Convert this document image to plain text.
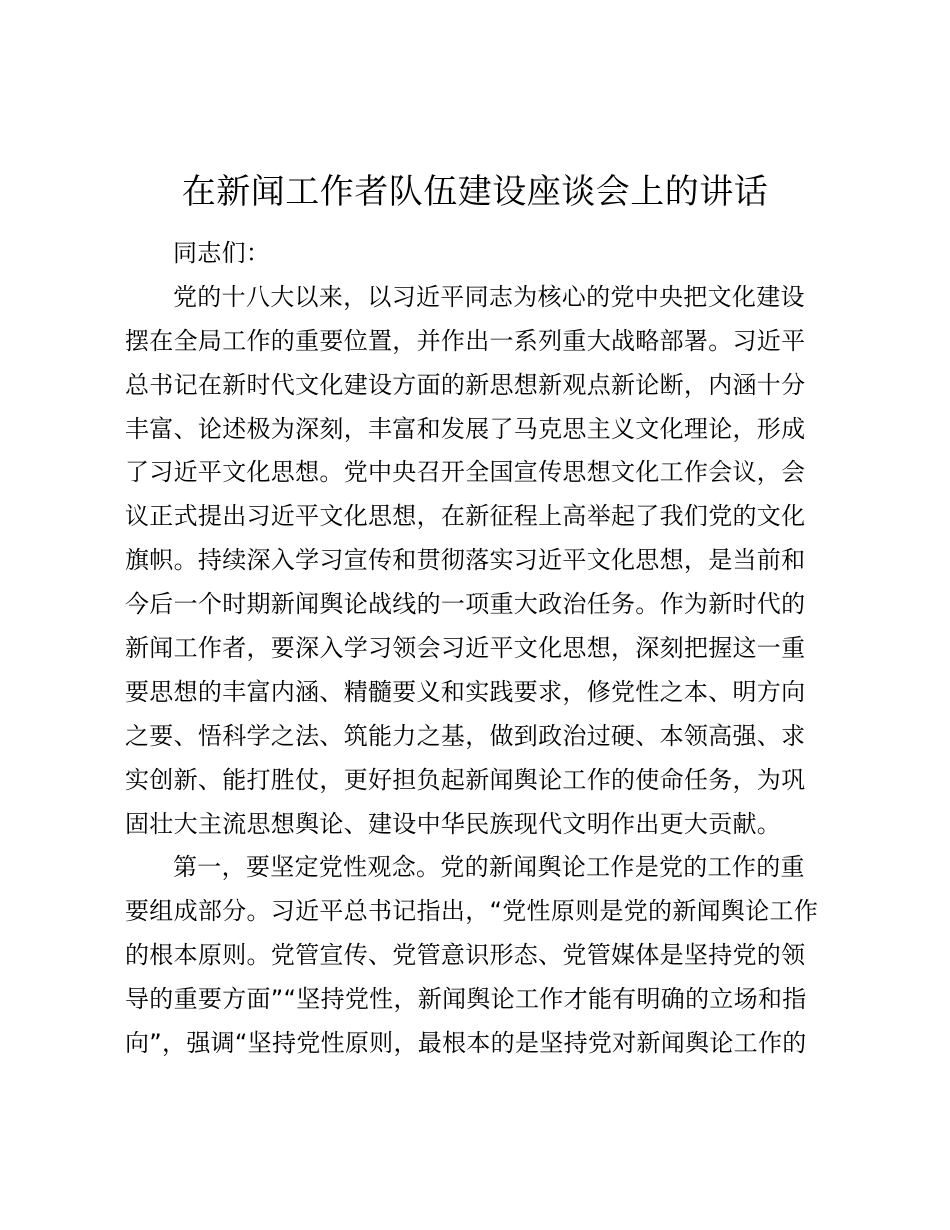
在新闻工作者队伍建设座谈会上的讲话
同志们：
党的十八大以来，以习近平同志为核心的党中央把文化建设
摆在全局工作的重要位置，并作出一系列重大战略部署。习近平
总书记在新时代文化建设方面的新思想新观点新论断，内涵十分
丰富、论述极为深刻，丰富和发展了马克思主义文化理论，形成
了习近平文化思想。党中央召开全国宣传思想文化工作会议，会
议正式提出习近平文化思想，在新征程上高举起了我们党的文化
旗帜。持续深入学习宣传和贯彻落实习近平文化思想，是当前和
今后一个时期新闻舆论战线的一项重大政治任务。作为新时代的
新闻工作者，要深入学习领会习近平文化思想，深刻把握这一重
要思想的丰富内涵、精髓要义和实践要求，修党性之本、明方向
之要、悟科学之法、筑能力之基，做到政治过硬、本领高强、求
实创新、能打胜仗，更好担负起新闻舆论工作的使命任务，为巩
固壮大主流思想舆论、建设中华民族现代文明作出更大贡献。
第一，要坚定党性观念。党的新闻舆论工作是党的工作的重
要组成部分。习近平总书记指出，“党性原则是党的新闻舆论工作
的根本原则。党管宣传、党管意识形态、党管媒体是坚持党的领
导的重要方面”“坚持党性，新闻舆论工作才能有明确的立场和指
向”，强调“坚持党性原则，最根本的是坚持党对新闻舆论工作的
